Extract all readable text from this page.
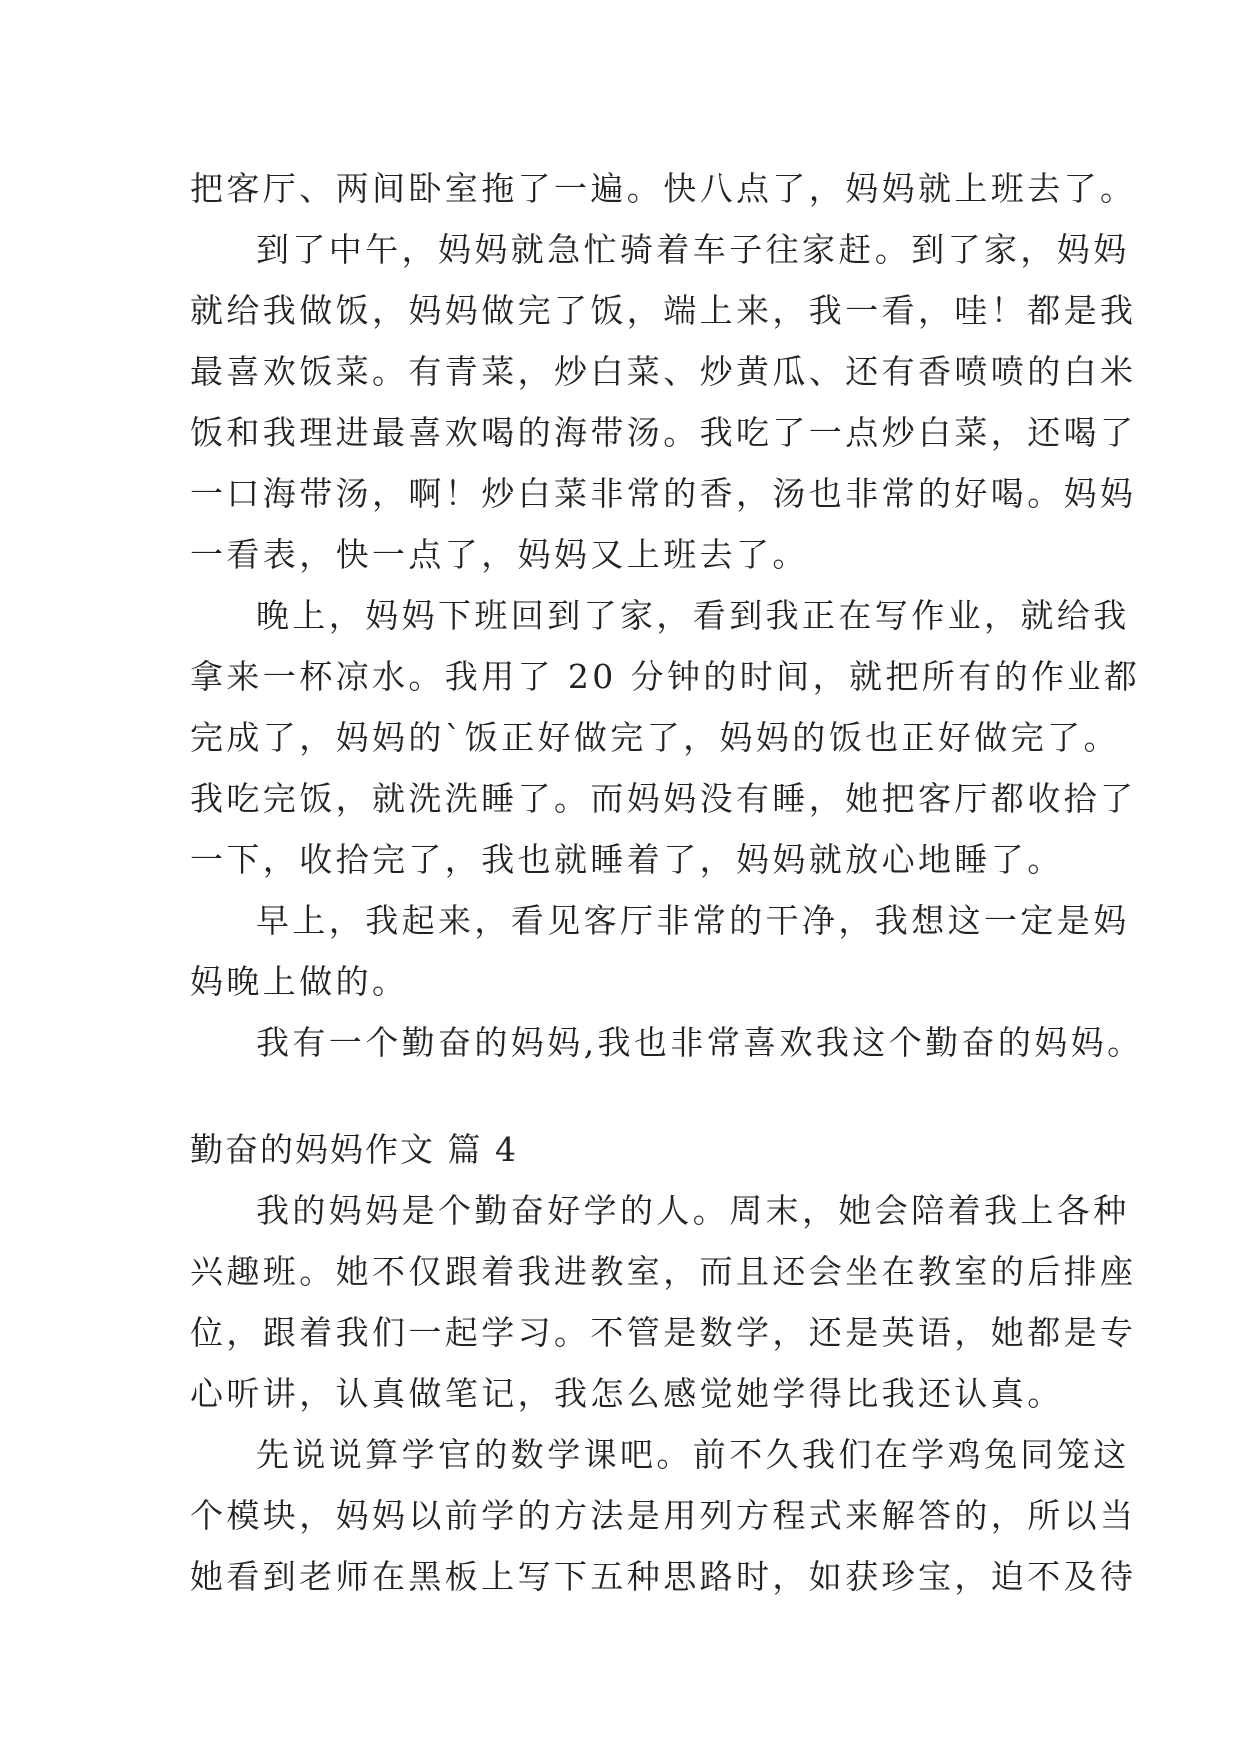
把客厅、两间卧室拖了一遍。快八点了，妈妈就上班去了。
到了中午，妈妈就急忙骑着车子往家赶。到了家，妈妈
就给我做饭，妈妈做完了饭，端上来，我一看，哇！都是我
最喜欢饭菜。有青菜，炒白菜、炒黄瓜、还有香喷喷的白米
饭和我理进最喜欢喝的海带汤。我吃了一点炒白菜，还喝了
一口海带汤，啊！炒白菜非常的香，汤也非常的好喝。妈妈
一看表，快一点了，妈妈又上班去了。
晚上，妈妈下班回到了家，看到我正在写作业，就给我
拿来一杯凉水。我用了 20 分钟的时间，就把所有的作业都
完成了，妈妈的`饭正好做完了，妈妈的饭也正好做完了。
我吃完饭，就洗洗睡了。而妈妈没有睡，她把客厅都收拾了
一下，收拾完了，我也就睡着了，妈妈就放心地睡了。
早上，我起来，看见客厅非常的干净，我想这一定是妈
妈晚上做的。
我有一个勤奋的妈妈,我也非常喜欢我这个勤奋的妈妈。
勤奋的妈妈作文 篇 4
我的妈妈是个勤奋好学的人。周末，她会陪着我上各种
兴趣班。她不仅跟着我进教室，而且还会坐在教室的后排座
位，跟着我们一起学习。不管是数学，还是英语，她都是专
心听讲，认真做笔记，我怎么感觉她学得比我还认真。
先说说算学官的数学课吧。前不久我们在学鸡兔同笼这
个模块，妈妈以前学的方法是用列方程式来解答的，所以当
她看到老师在黑板上写下五种思路时，如获珍宝，迫不及待
